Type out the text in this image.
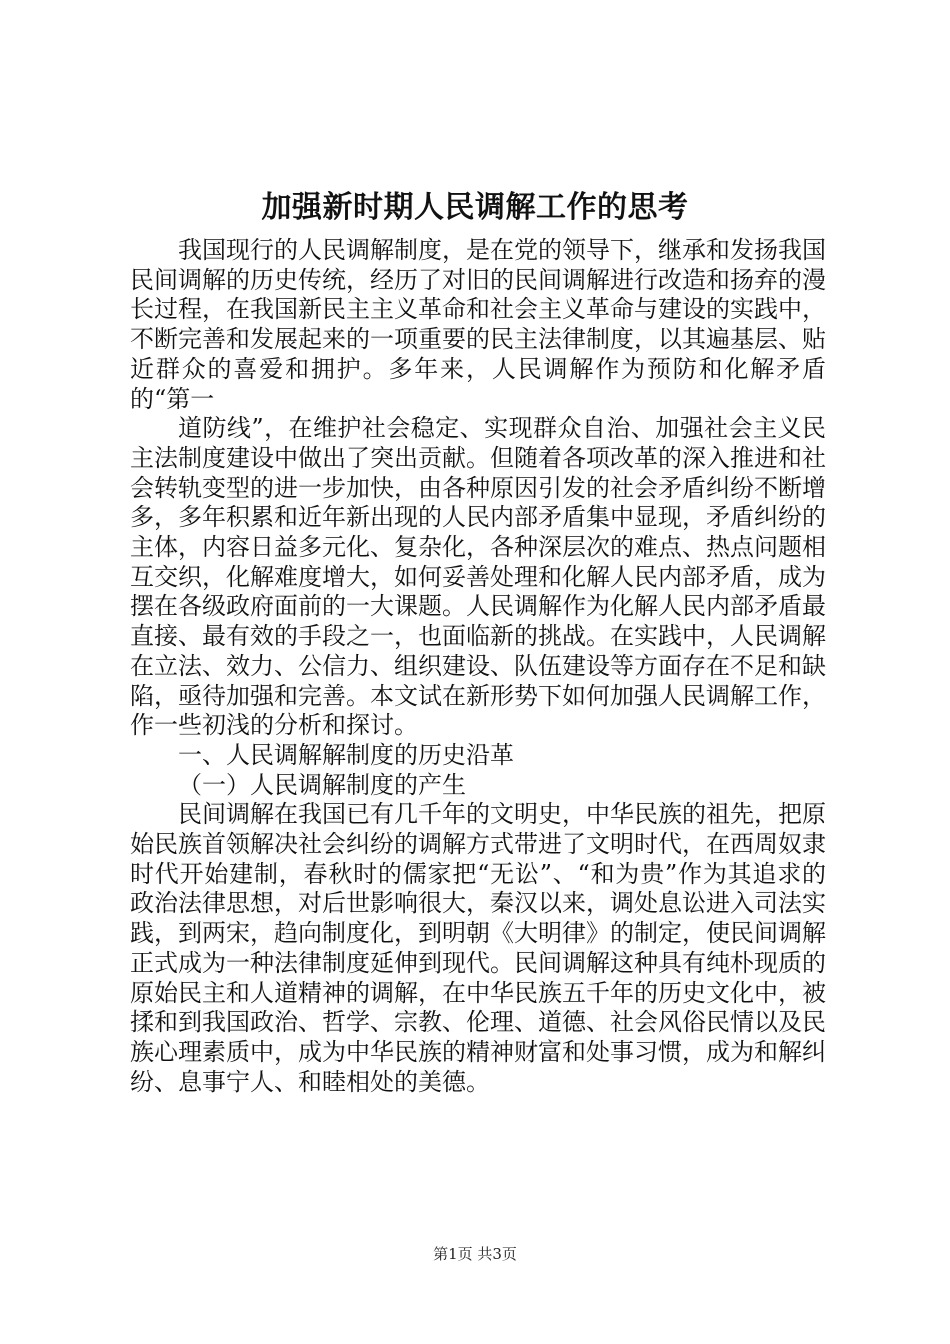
加强新时期人民调解工作的思考

我国现行的人民调解制度，是在党的领导下，继承和发扬我国民间调解的历史传统，经历了对旧的民间调解进行改造和扬弃的漫长过程，在我国新民主主义革命和社会主义革命与建设的实践中，不断完善和发展起来的一项重要的民主法律制度，以其遍基层、贴近群众的喜爱和拥护。多年来，人民调解作为预防和化解矛盾的“第一

道防线”，在维护社会稳定、实现群众自治、加强社会主义民主法制度建设中做出了突出贡献。但随着各项改革的深入推进和社会转轨变型的进一步加快，由各种原因引发的社会矛盾纠纷不断增多，多年积累和近年新出现的人民内部矛盾集中显现，矛盾纠纷的主体，内容日益多元化、复杂化，各种深层次的难点、热点问题相互交织，化解难度增大，如何妥善处理和化解人民内部矛盾，成为摆在各级政府面前的一大课题。人民调解作为化解人民内部矛盾最直接、最有效的手段之一，也面临新的挑战。在实践中，人民调解在立法、效力、公信力、组织建设、队伍建设等方面存在不足和缺陷，亟待加强和完善。本文试在新形势下如何加强人民调解工作，作一些初浅的分析和探讨。

一、人民调解解制度的历史沿革

（一）人民调解制度的产生

民间调解在我国已有几千年的文明史，中华民族的祖先，把原始民族首领解决社会纠纷的调解方式带进了文明时代，在西周奴隶时代开始建制，春秋时的儒家把“无讼”、“和为贵”作为其追求的政治法律思想，对后世影响很大，秦汉以来，调处息讼进入司法实践，到两宋，趋向制度化，到明朝《大明律》的制定，使民间调解正式成为一种法律制度延伸到现代。民间调解这种具有纯朴现质的原始民主和人道精神的调解，在中华民族五千年的历史文化中，被揉和到我国政治、哲学、宗教、伦理、道德、社会风俗民情以及民族心理素质中，成为中华民族的精神财富和处事习惯，成为和解纠纷、息事宁人、和睦相处的美德。

第1页 共3页
